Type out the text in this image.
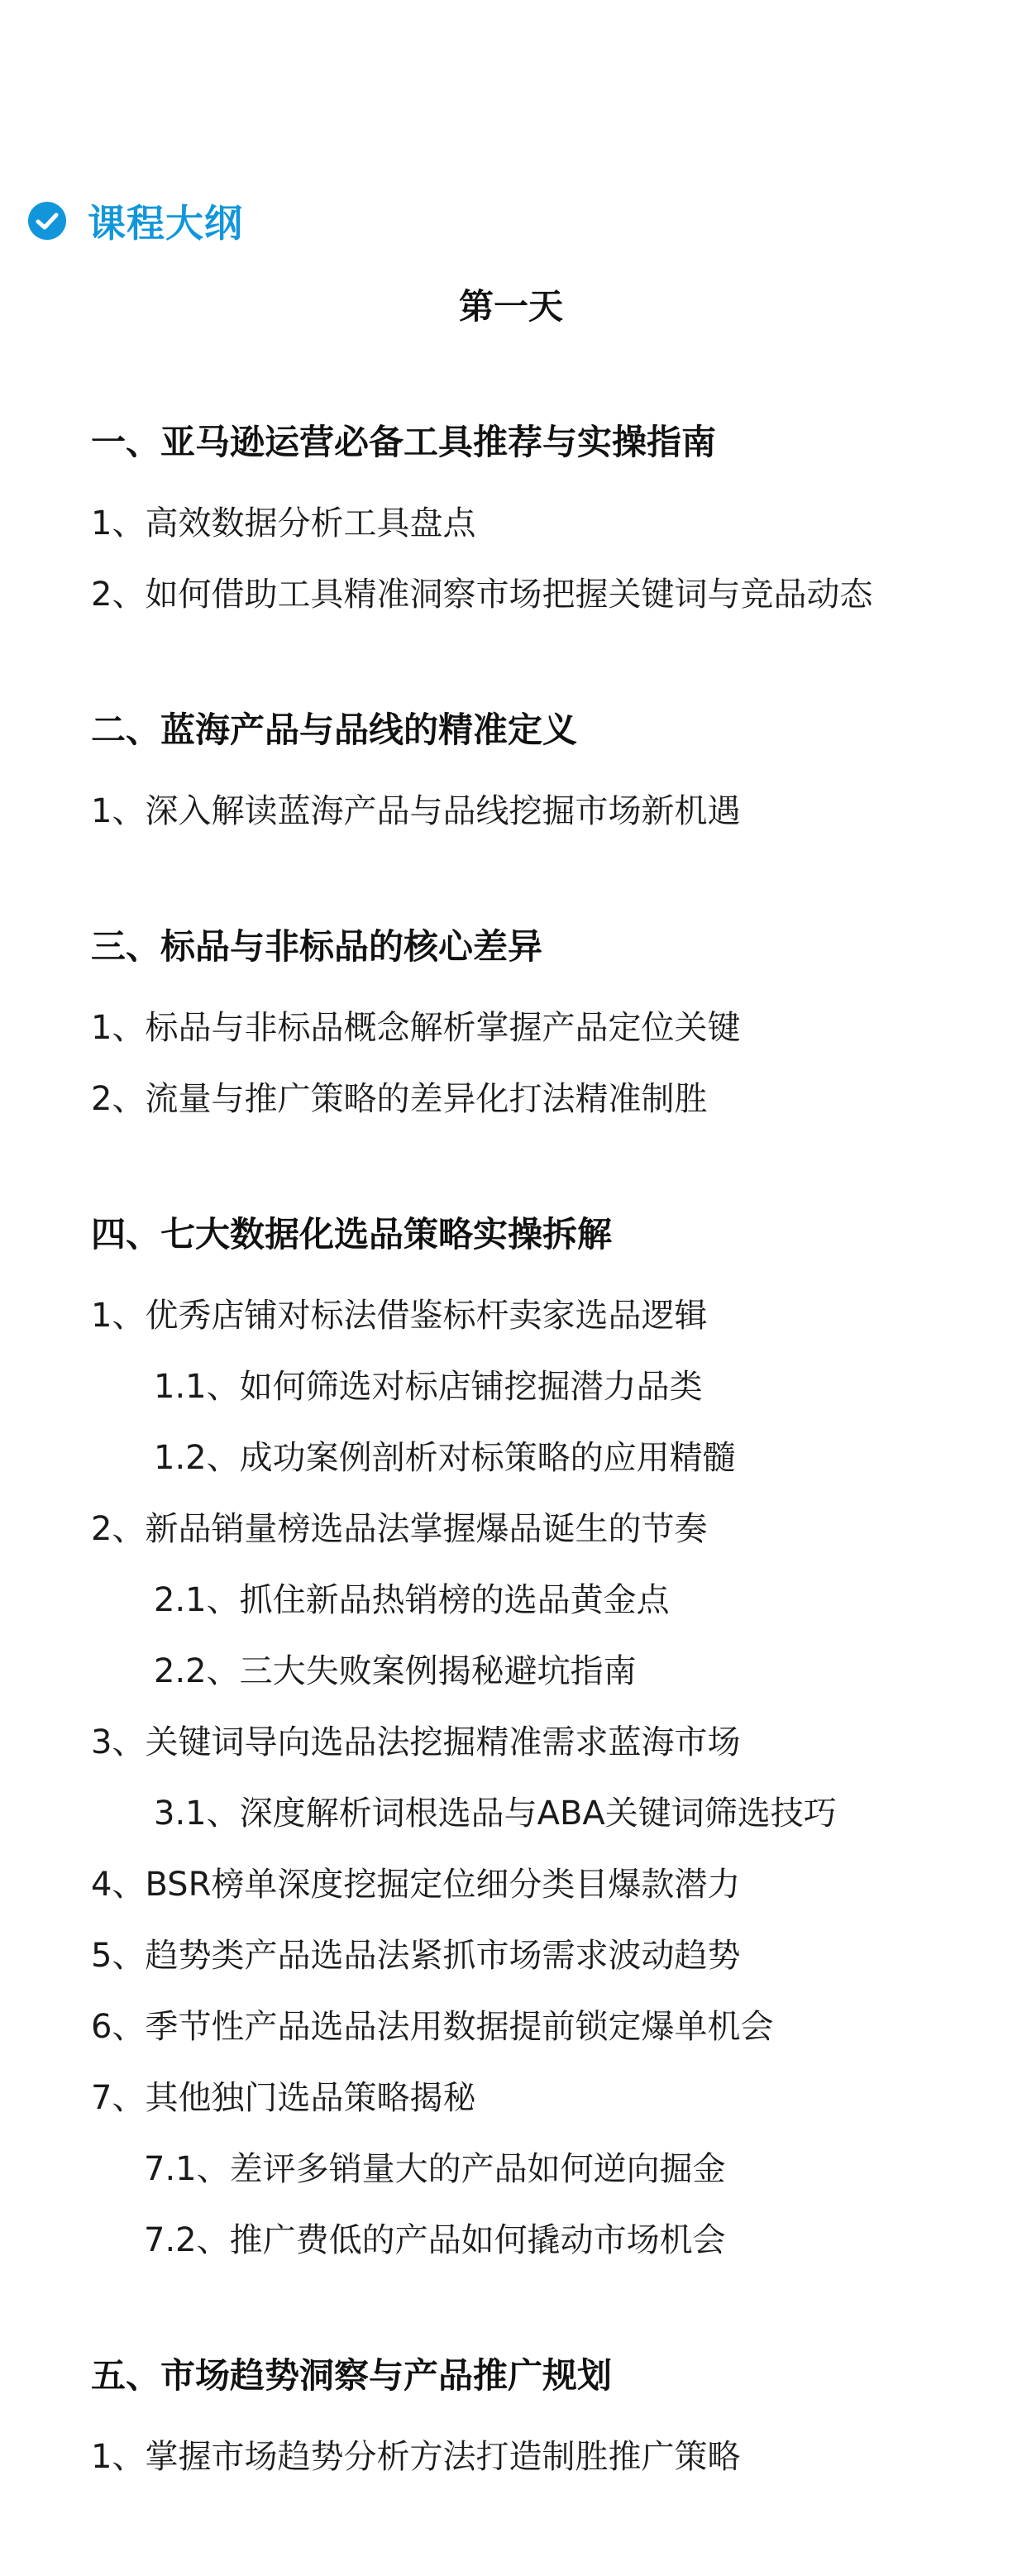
课程大纲
第一天
一、亚马逊运营必备工具推荐与实操指南
1、高效数据分析工具盘点
2、如何借助工具精准洞察市场把握关键词与竞品动态
二、蓝海产品与品线的精准定义
1、深入解读蓝海产品与品线挖掘市场新机遇
三、标品与非标品的核心差异
1、标品与非标品概念解析掌握产品定位关键
2、流量与推广策略的差异化打法精准制胜
四、七大数据化选品策略实操拆解
1、优秀店铺对标法借鉴标杆卖家选品逻辑
1.1、如何筛选对标店铺挖掘潜力品类
1.2、成功案例剖析对标策略的应用精髓
2、新品销量榜选品法掌握爆品诞生的节奏
2.1、抓住新品热销榜的选品黄金点
2.2、三大失败案例揭秘避坑指南
3、关键词导向选品法挖掘精准需求蓝海市场
3.1、深度解析词根选品与ABA关键词筛选技巧
4、BSR榜单深度挖掘定位细分类目爆款潜力
5、趋势类产品选品法紧抓市场需求波动趋势
6、季节性产品选品法用数据提前锁定爆单机会
7、其他独门选品策略揭秘
7.1、差评多销量大的产品如何逆向掘金
7.2、推广费低的产品如何撬动市场机会
五、市场趋势洞察与产品推广规划
1、掌握市场趋势分析方法打造制胜推广策略
